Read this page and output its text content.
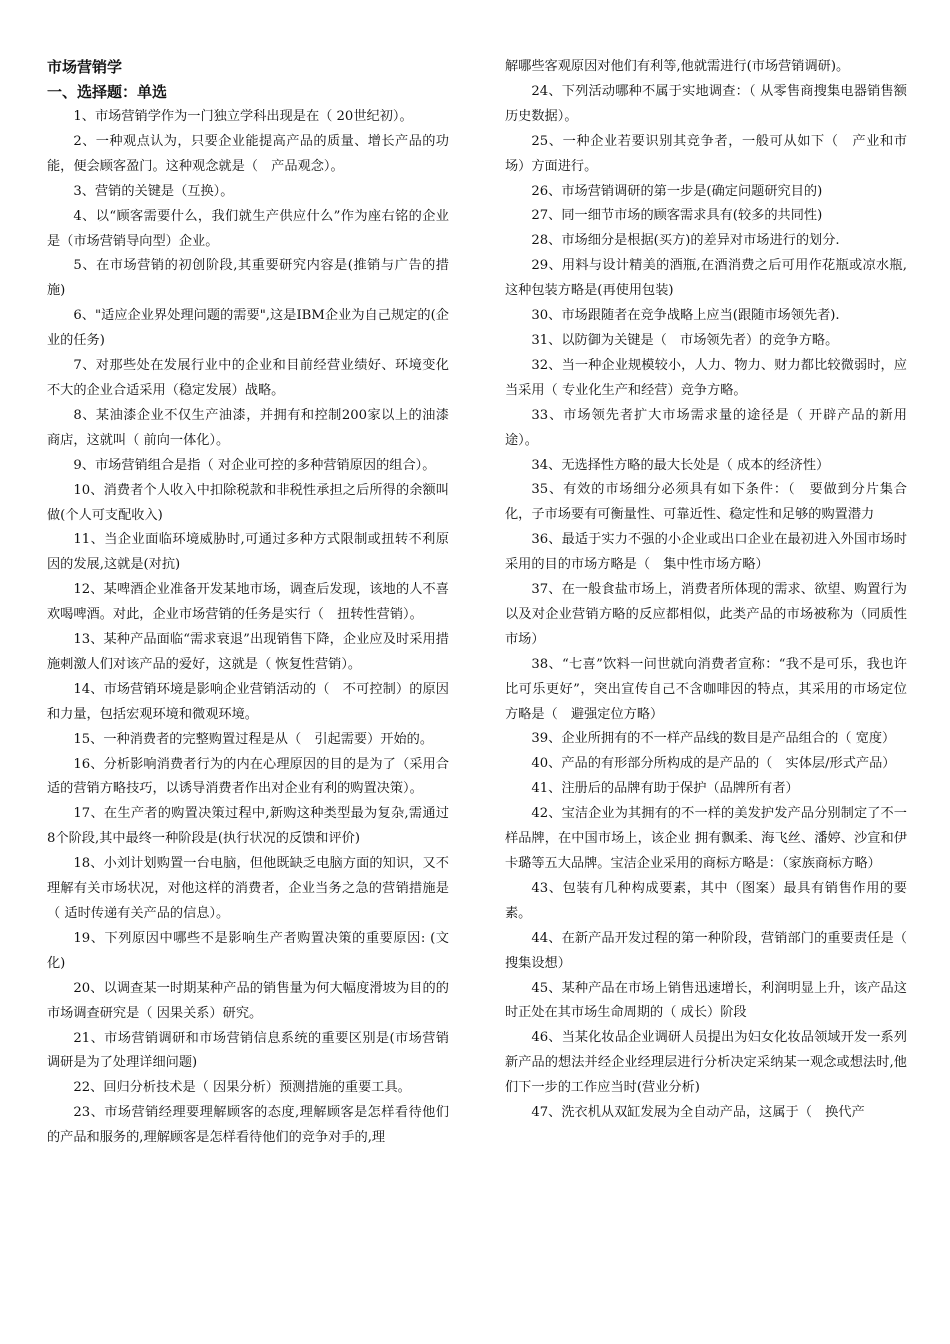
市场营销学
一、选择题：单选

1、市场营销学作为一门独立学科出现是在（ 20世纪初）。

2、一种观点认为，只要企业能提高产品的质量、增长产品的功能，便会顾客盈门。这种观念就是（　产品观念）。

3、营销的关键是（互换）。

4、以“顾客需要什么，我们就生产供应什么”作为座右铭的企业是（市场营销导向型）企业。

5、在市场营销的初创阶段,其重要研究内容是(推销与广告的措施)

6、"适应企业界处理问题的需要",这是IBM企业为自己规定的(企业的任务)

7、对那些处在发展行业中的企业和目前经营业绩好、环境变化不大的企业合适采用（稳定发展）战略。

8、某油漆企业不仅生产油漆，并拥有和控制200家以上的油漆商店，这就叫（ 前向一体化）。

9、市场营销组合是指（ 对企业可控的多种营销原因的组合）。

10、消费者个人收入中扣除税款和非税性承担之后所得的余额叫做(个人可支配收入)

11、当企业面临环境威胁时,可通过多种方式限制或扭转不利原因的发展,这就是(对抗)

12、某啤酒企业准备开发某地市场，调查后发现，该地的人不喜欢喝啤酒。对此，企业市场营销的任务是实行（　扭转性营销）。

13、某种产品面临“需求衰退”出现销售下降，企业应及时采用措施刺激人们对该产品的爱好，这就是（ 恢复性营销）。

14、市场营销环境是影响企业营销活动的（　不可控制）的原因和力量，包括宏观环境和微观环境。

15、一种消费者的完整购置过程是从（　引起需要）开始的。

16、分析影响消费者行为的内在心理原因的目的是为了（采用合适的营销方略技巧，以诱导消费者作出对企业有利的购置决策）。

17、在生产者的购置决策过程中,新购这种类型最为复杂,需通过8个阶段,其中最终一种阶段是(执行状况的反馈和评价)

18、小刘计划购置一台电脑，但他既缺乏电脑方面的知识，又不理解有关市场状况，对他这样的消费者，企业当务之急的营销措施是（ 适时传递有关产品的信息）。

19、下列原因中哪些不是影响生产者购置决策的重要原因: (文化)

20、以调查某一时期某种产品的销售量为何大幅度滑坡为目的的 市场调查研究是（ 因果关系）研究。

21、市场营销调研和市场营销信息系统的重要区别是(市场营销调研是为了处理详细问题)

22、回归分析技术是（ 因果分析）预测措施的重要工具。

23、市场营销经理要理解顾客的态度,理解顾客是怎样看待他们的产品和服务的,理解顾客是怎样看待他们的竞争对手的,理

解哪些客观原因对他们有利等,他就需进行(市场营销调研)。

24、下列活动哪种不属于实地调查：（ 从零售商搜集电器销售额历史数据）。

25、一种企业若要识别其竞争者，一般可从如下（　产业和市场）方面进行。

26、市场营销调研的第一步是(确定问题研究目的)

27、同一细节市场的顾客需求具有(较多的共同性)

28、市场细分是根据(买方)的差异对市场进行的划分.

29、用料与设计精美的酒瓶,在酒消费之后可用作花瓶或凉水瓶,这种包装方略是(再使用包装)

30、市场跟随者在竞争战略上应当(跟随市场领先者).

31、以防御为关键是（　市场领先者）的竞争方略。

32、当一种企业规模较小，人力、物力、财力都比较微弱时，应当采用（ 专业化生产和经营）竞争方略。

33、市场领先者扩大市场需求量的途径是（ 开辟产品的新用途）。

34、无选择性方略的最大长处是（ 成本的经济性）

35、有效的市场细分必须具有如下条件：（　要做到分片集合化，子市场要有可衡量性、可靠近性、稳定性和足够的购置潜力

36、最适于实力不强的小企业或出口企业在最初进入外国市场时采用的目的市场方略是（　集中性市场方略）

37、在一般食盐市场上，消费者所体现的需求、欲望、购置行为以及对企业营销方略的反应都相似，此类产品的市场被称为（同质性市场）

38、“七喜”饮料一问世就向消费者宣称：“我不是可乐，我也许比可乐更好”，突出宣传自己不含咖啡因的特点，其采用的市场定位方略是（　避强定位方略）

39、企业所拥有的不一样产品线的数目是产品组合的（ 宽度）

40、产品的有形部分所构成的是产品的（　实体层/形式产品）

41、注册后的品牌有助于保护（品牌所有者）

42、宝洁企业为其拥有的不一样的美发护发产品分别制定了不一样品牌，在中国市场上，该企业 拥有飘柔、海飞丝、潘婷、沙宣和伊卡璐等五大品牌。宝洁企业采用的商标方略是：（家族商标方略）

43、包装有几种构成要素，其中（图案）最具有销售作用的要素。

44、在新产品开发过程的第一种阶段，营销部门的重要责任是（ 搜集设想）

45、某种产品在市场上销售迅速增长，利润明显上升，该产品这时正处在其市场生命周期的（ 成长）阶段

46、当某化妆品企业调研人员提出为妇女化妆品领域开发一系列新产品的想法并经企业经理层进行分析决定采纳某一观念或想法时,他们下一步的工作应当时(营业分析)

47、洗衣机从双缸发展为全自动产品，这属于（　换代产
